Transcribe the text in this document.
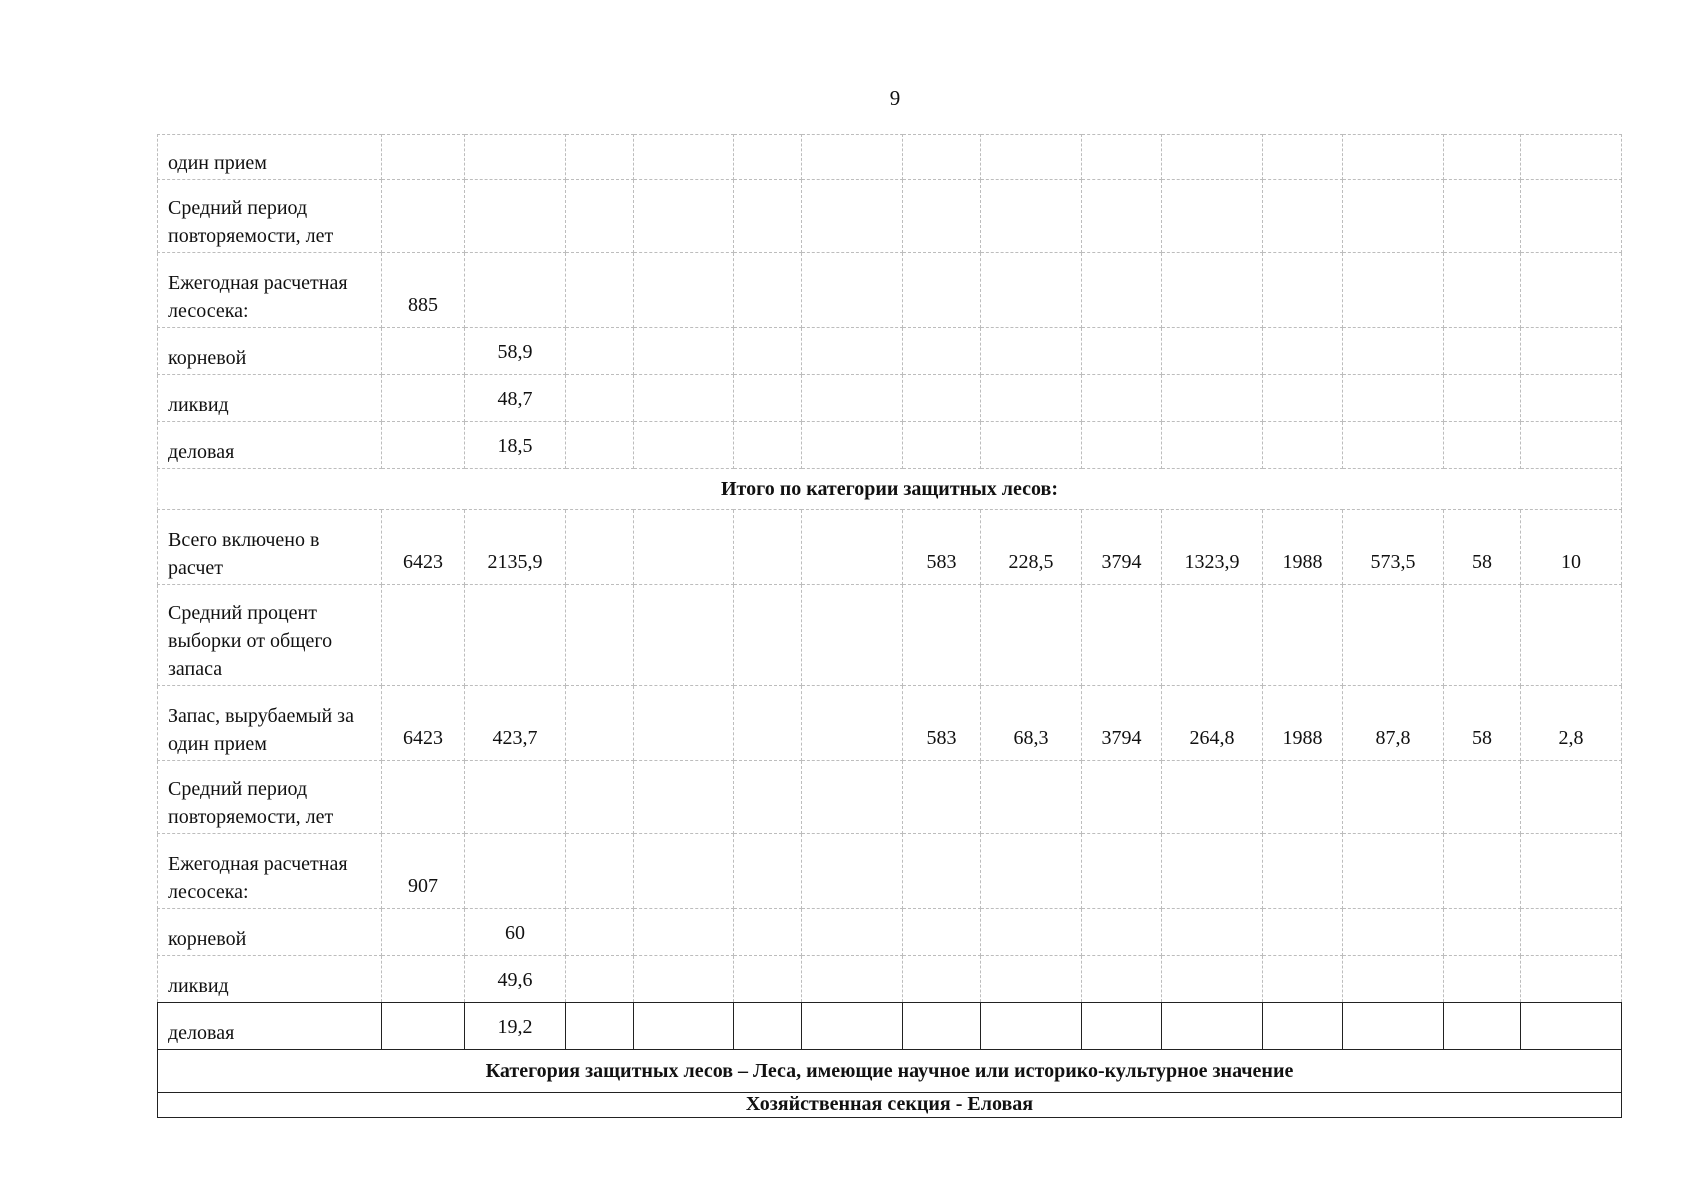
9
один прием														
Средний период повторяемости, лет														
Ежегодная расчетная лесосека:	885													
корневой		58,9												
ликвид		48,7												
деловая		18,5												
Итого по категории защитных лесов:														
Всего включено в расчет	6423	2135,9					583	228,5	3794	1323,9	1988	573,5	58	10
Средний процент выборки от общего запаса														
Запас, вырубаемый за один прием	6423	423,7					583	68,3	3794	264,8	1988	87,8	58	2,8
Средний период повторяемости, лет														
Ежегодная расчетная лесосека:	907													
корневой		60												
ликвид		49,6												
деловая		19,2												
Категория защитных лесов – Леса, имеющие научное или историко-культурное значение														
Хозяйственная секция - Еловая														
